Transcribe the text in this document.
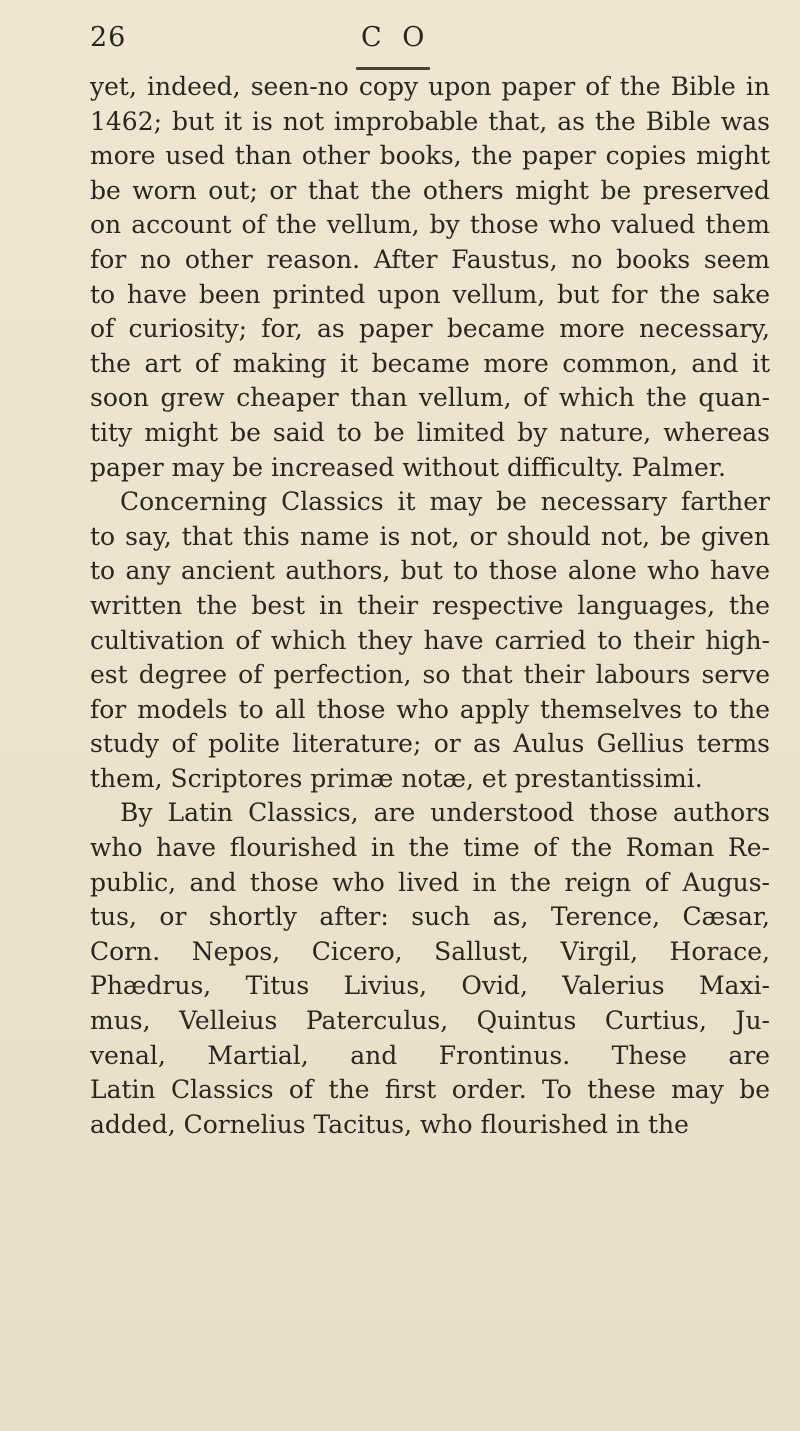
26	C O
yet, indeed, seen-no copy upon paper of the Bible in
1462; but it is not improbable that, as the Bible was
more used than other books, the paper copies might
be worn out; or that the others might be preserved
on account of the vellum, by those who valued them
for no other reason. After Faustus, no books seem
to have been printed upon vellum, but for the sake
of curiosity; for, as paper became more necessary,
the art of making it became more common, and it
soon grew cheaper than vellum, of which the quan-
tity might be said to be limited by nature, whereas
paper may be increased without difficulty. Palmer.
Concerning Classics it may be necessary farther
to say, that this name is not, or should not, be given
to any ancient authors, but to those alone who have
written the best in their respective languages, the
cultivation of which they have carried to their high-
est degree of perfection, so that their labours serve
for models to all those who apply themselves to the
study of polite literature; or as Aulus Gellius terms
them, Scriptores primæ notæ, et prestantissimi.
By Latin Classics, are understood those authors
who have flourished in the time of the Roman Re-
public, and those who lived in the reign of Augus-
tus, or shortly after: such as, Terence, Cæsar,
Corn. Nepos, Cicero, Sallust, Virgil, Horace,
Phædrus, Titus Livius, Ovid, Valerius Maxi-
mus, Velleius Paterculus, Quintus Curtius, Ju-
venal, Martial, and Frontinus. These are
Latin Classics of the first order. To these may be
added, Cornelius Tacitus, who flourished in the
